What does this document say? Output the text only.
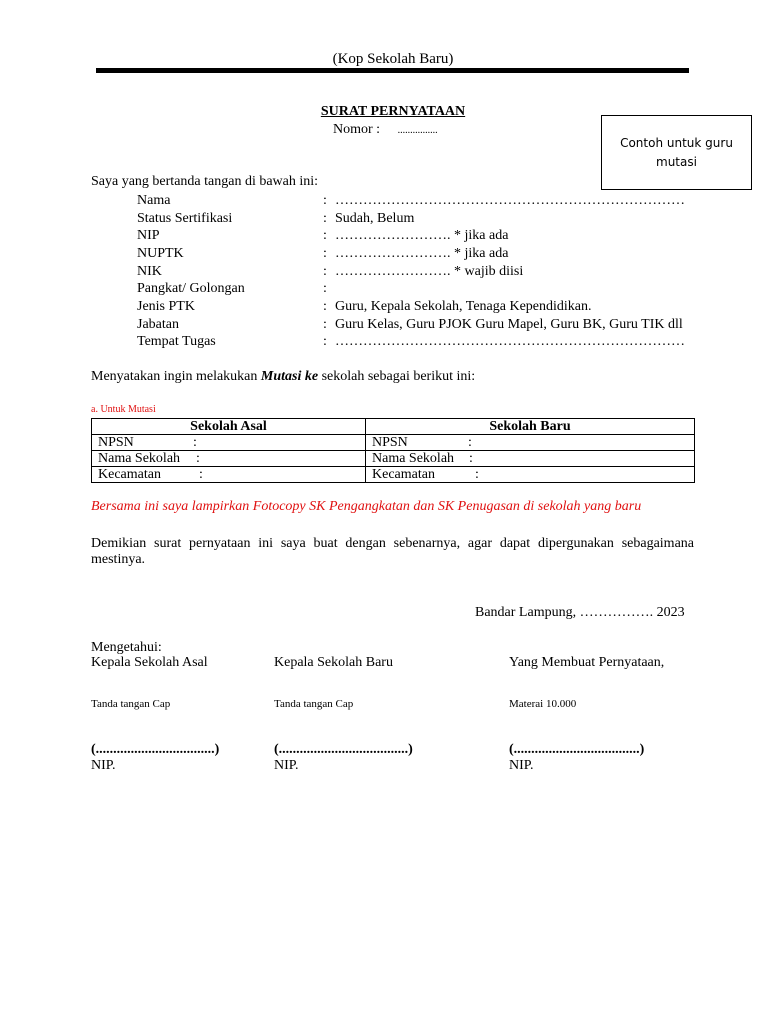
(Kop Sekolah Baru)
SURAT PERNYATAAN
Nomor : ................
Contoh untuk guru mutasi
Saya yang bertanda tangan di bawah ini:
Nama	: …………………………………………………………………
Status Sertifikasi	: Sudah, Belum
NIP	: ……………………. * jika ada
NUPTK	: ……………………. * jika ada
NIK	: ……………………. * wajib diisi
Pangkat/ Golongan	:
Jenis PTK	: Guru, Kepala Sekolah, Tenaga Kependidikan.
Jabatan	: Guru Kelas, Guru PJOK Guru Mapel, Guru BK, Guru TIK dll
Tempat Tugas	: …………………………………………………………………
Menyatakan ingin melakukan Mutasi ke sekolah sebagai berikut ini:
a. Untuk Mutasi
Sekolah Asal	Sekolah Baru
NPSN :	NPSN :
Nama Sekolah :	Nama Sekolah :
Kecamatan :	Kecamatan :
Bersama ini saya lampirkan Fotocopy SK Pengangkatan dan SK Penugasan di sekolah yang baru
Demikian surat pernyataan ini saya buat dengan sebenarnya, agar dapat dipergunakan sebagaimana
mestinya.
Bandar Lampung, ……………. 2023
Mengetahui:
Kepala Sekolah Asal	Kepala Sekolah Baru	Yang Membuat Pernyataan,
Tanda tangan Cap	Tanda tangan Cap	Materai 10.000
(..................................)	(.....................................)	(....................................)
NIP.	NIP.	NIP.
